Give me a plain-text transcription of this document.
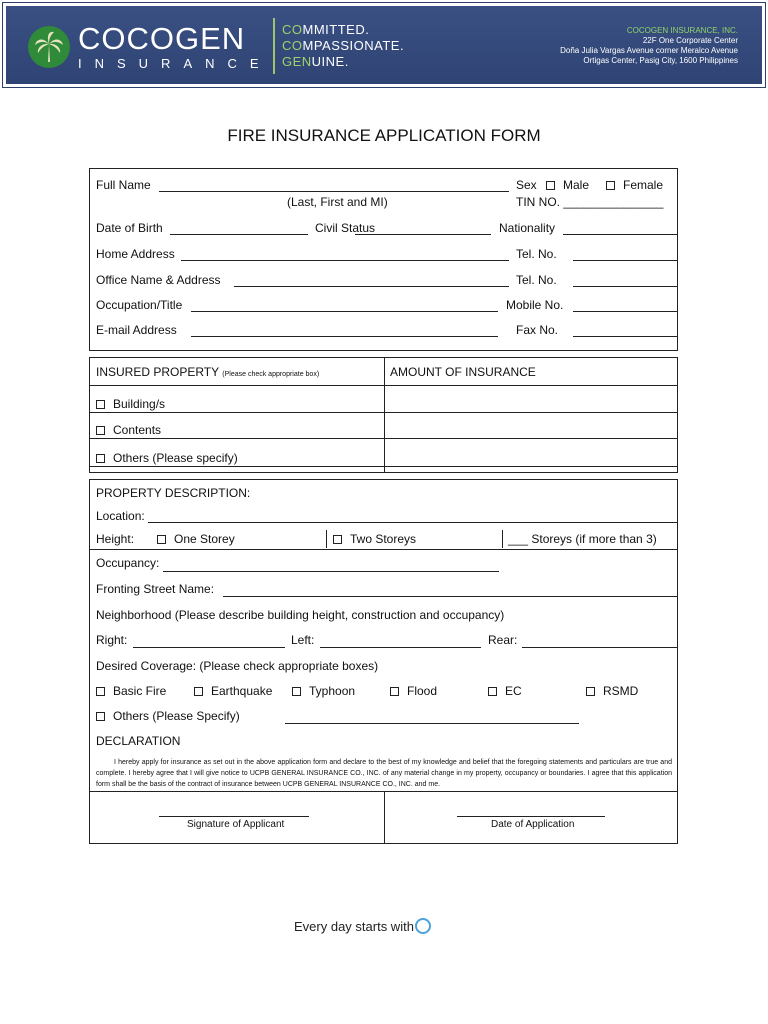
COCOGEN
INSURANCE
COMMITTED.
COMPASSIONATE.
GENUINE.
COCOGEN INSURANCE, INC.
22F One Corporate Center
Doña Julia Vargas Avenue corner Meralco Avenue
Ortigas Center, Pasig City, 1600 Philippines
FIRE INSURANCE APPLICATION FORM
Full Name
(Last, First and MI)
Sex	Male	Female
TIN NO. _______________
Date of Birth	Civil Status	Nationality
Home Address	Tel. No.
Office Name & Address	Tel. No.
Occupation/Title	Mobile No.
E-mail Address	Fax No.
INSURED PROPERTY (Please check appropriate box)	AMOUNT OF INSURANCE
Building/s
Contents
Others (Please specify)
PROPERTY DESCRIPTION:
Location:
Height:	One Storey	Two Storeys	___ Storeys (if more than 3)
Occupancy:
Fronting Street Name:
Neighborhood (Please describe building height, construction and occupancy)
Right:	Left:	Rear:
Desired Coverage: (Please check appropriate boxes)
Basic Fire	Earthquake	Typhoon	Flood	EC	RSMD
Others (Please Specify)
DECLARATION
I hereby apply for insurance as set out in the above application form and declare to the best of my knowledge and belief that the foregoing statements and particulars are true and complete. I hereby agree that I will give notice to UCPB GENERAL INSURANCE CO., INC. of any material change in my property, occupancy or boundaries. I agree that this application form shall be the basis of the contract of insurance between UCPB GENERAL INSURANCE CO., INC. and me.
Signature of Applicant	Date of Application
Every day starts with
